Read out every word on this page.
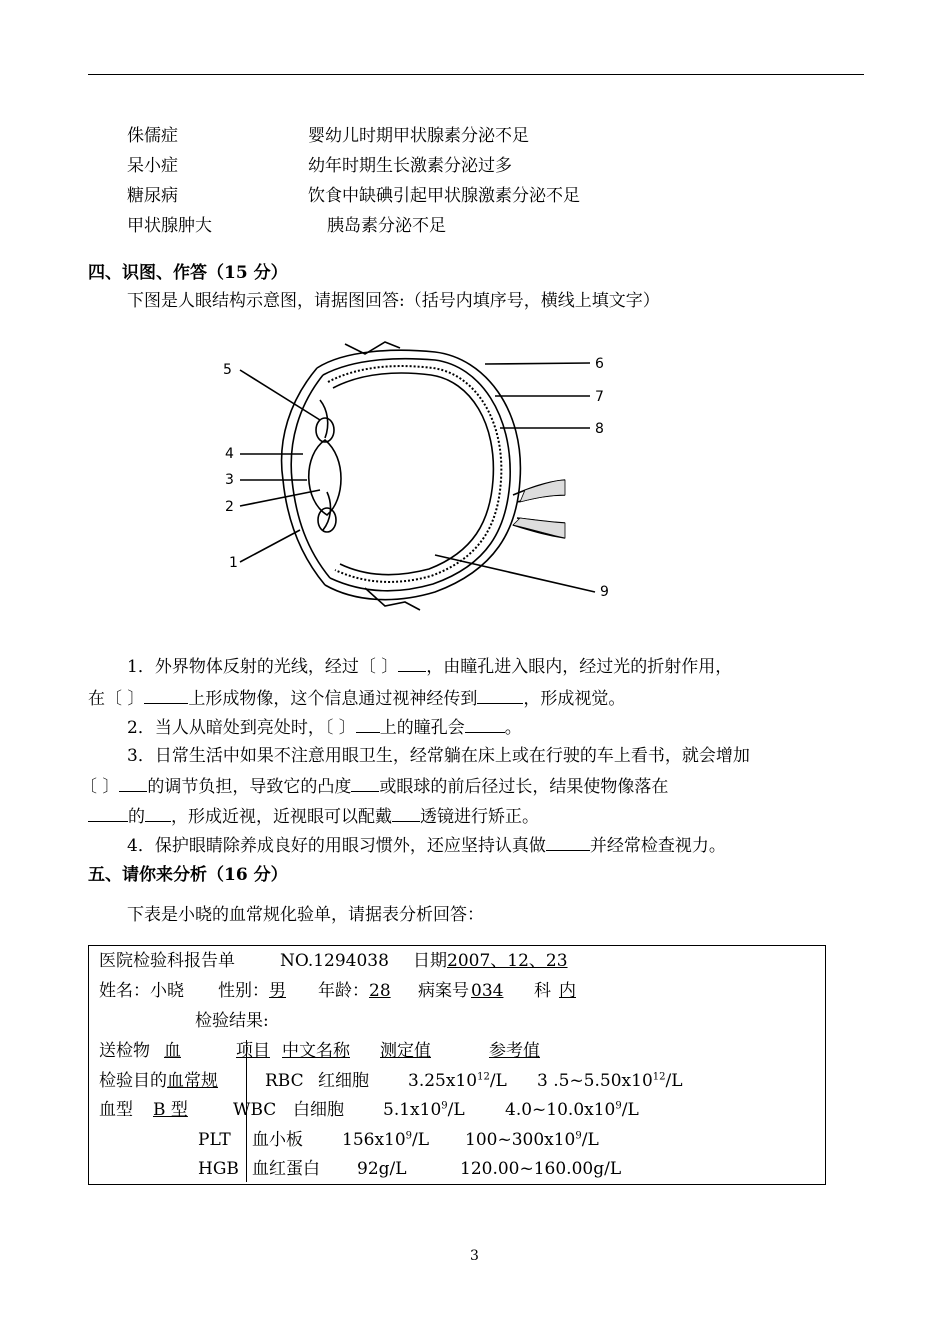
侏儒症	婴幼儿时期甲状腺素分泌不足
呆小症	幼年时期生长激素分泌过多
糖尿病	饮食中缺碘引起甲状腺激素分泌不足
甲状腺肿大	胰岛素分泌不足
四、识图、作答（15 分）
下图是人眼结构示意图，请据图回答:（括号内填序号，横线上填文字）
5	6
7
8
4
3
2
1
9
1．外界物体反射的光线，经过〔 〕 ，由瞳孔进入眼内，经过光的折射作用，
在〔 〕	上形成物像，这个信息通过视神经传到	，形成视觉。
2．当人从暗处到亮处时，〔 〕 上的瞳孔会 。
3．日常生活中如果不注意用眼卫生，经常躺在床上或在行驶的车上看书，就会增加
〔 〕 的调节负担，导致它的凸度 或眼球的前后径过长，结果使物像落在
的 ，形成近视，近视眼可以配戴 透镜进行矫正。
4．保护眼睛除养成良好的用眼习惯外，还应坚持认真做	并经常检查视力。
五、请你来分析（16 分）
下表是小晓的血常规化验单，请据表分析回答：
医院检验科报告单	NO.1294038 日期2007、12、23
姓名：小晓 性别：男	年龄：28 病案号 034 科 内
检验结果:
送检物 血	项目 中文名称 测定值	参考值
检验目的血常规
血型 B 型
RBC 红细胞 $3.25x10^{12}/L$ 3 $.5\sim 5.50x10^{12}/L$
WBC 白细胞 $5.1x10^9/L$ $4.0\sim 10.0x10^9/L$
PLT 血小板 $156x10^9/L$ $100\sim 300x10^9/L$
HGB 血红蛋白 92g/L	120.00~160.00g/L
3
